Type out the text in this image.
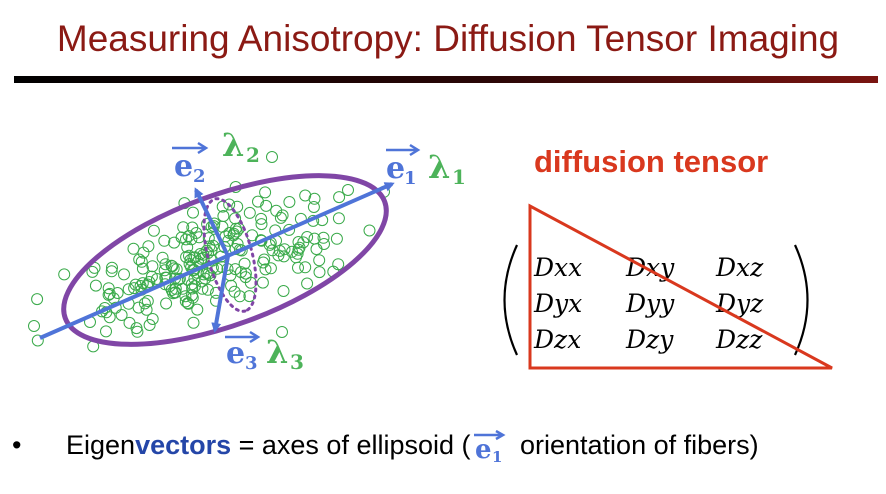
Measuring Anisotropy: Diffusion Tensor Imaging
e
1 λ 1
e 2
λ 2
e 3 λ 3
diffusion tensor
Dxx Dxy Dxz
Dyx Dyy Dyz
Dzx Dzy Dzz
• Eigenvectors = axes of ellipsoid ( e 1 orientation of fibers)
